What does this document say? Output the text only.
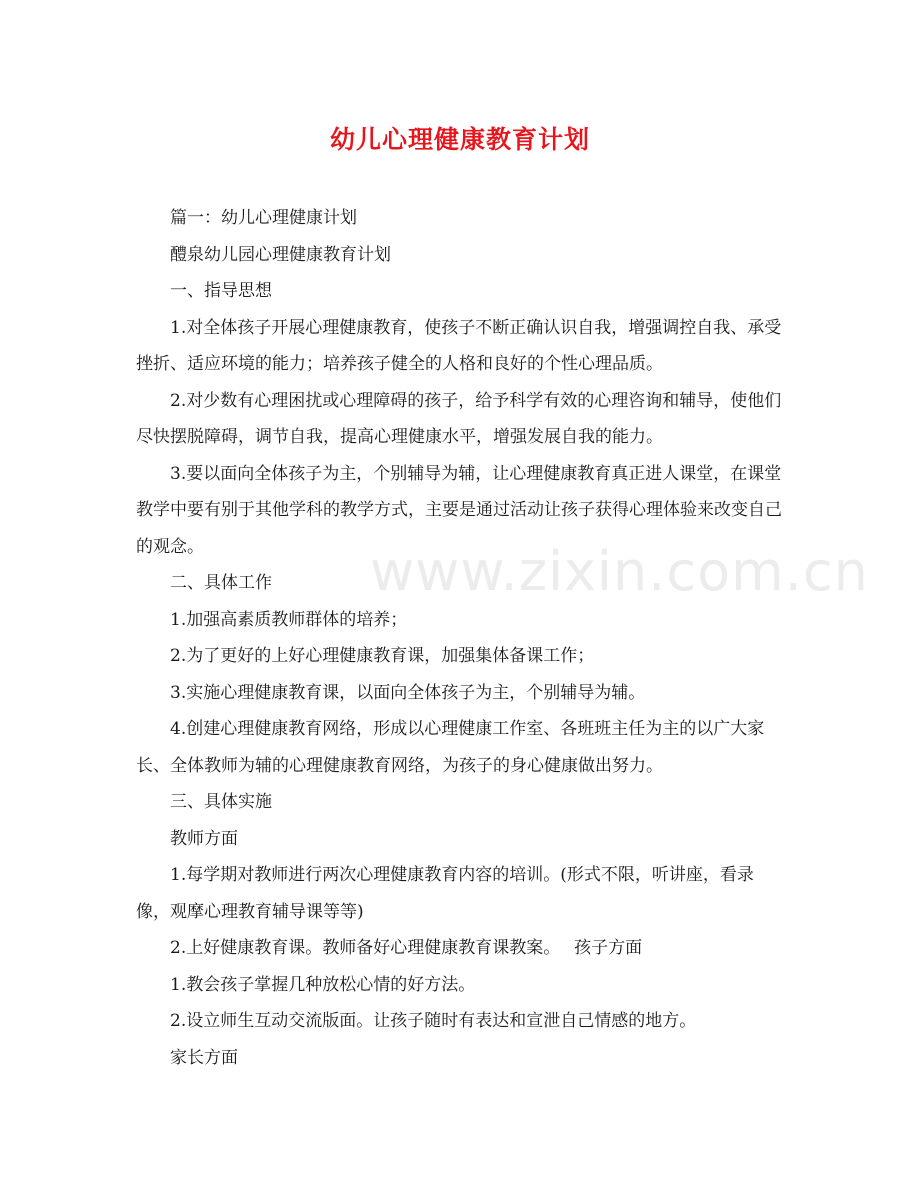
幼儿心理健康教育计划

篇一：幼儿心理健康计划

醴泉幼儿园心理健康教育计划

一、指导思想

1.对全体孩子开展心理健康教育，使孩子不断正确认识自我，增强调控自我、承受挫折、适应环境的能力；培养孩子健全的人格和良好的个性心理品质。

2.对少数有心理困扰或心理障碍的孩子，给予科学有效的心理咨询和辅导，使他们尽快摆脱障碍，调节自我，提高心理健康水平，增强发展自我的能力。

3.要以面向全体孩子为主，个别辅导为辅，让心理健康教育真正进人课堂，在课堂教学中要有别于其他学科的教学方式，主要是通过活动让孩子获得心理体验来改变自己的观念。

二、具体工作

1.加强高素质教师群体的培养；

2.为了更好的上好心理健康教育课，加强集体备课工作；

3.实施心理健康教育课，以面向全体孩子为主，个别辅导为辅。

4.创建心理健康教育网络，形成以心理健康工作室、各班班主任为主的以广大家长、全体教师为辅的心理健康教育网络，为孩子的身心健康做出努力。

三、具体实施

教师方面

1.每学期对教师进行两次心理健康教育内容的培训。(形式不限，听讲座，看录像，观摩心理教育辅导课等等)

2.上好健康教育课。教师备好心理健康教育课教案。　 孩子方面

1.教会孩子掌握几种放松心情的好方法。

2.设立师生互动交流版面。让孩子随时有表达和宣泄自己情感的地方。

家长方面

www.zixin.com.cn
